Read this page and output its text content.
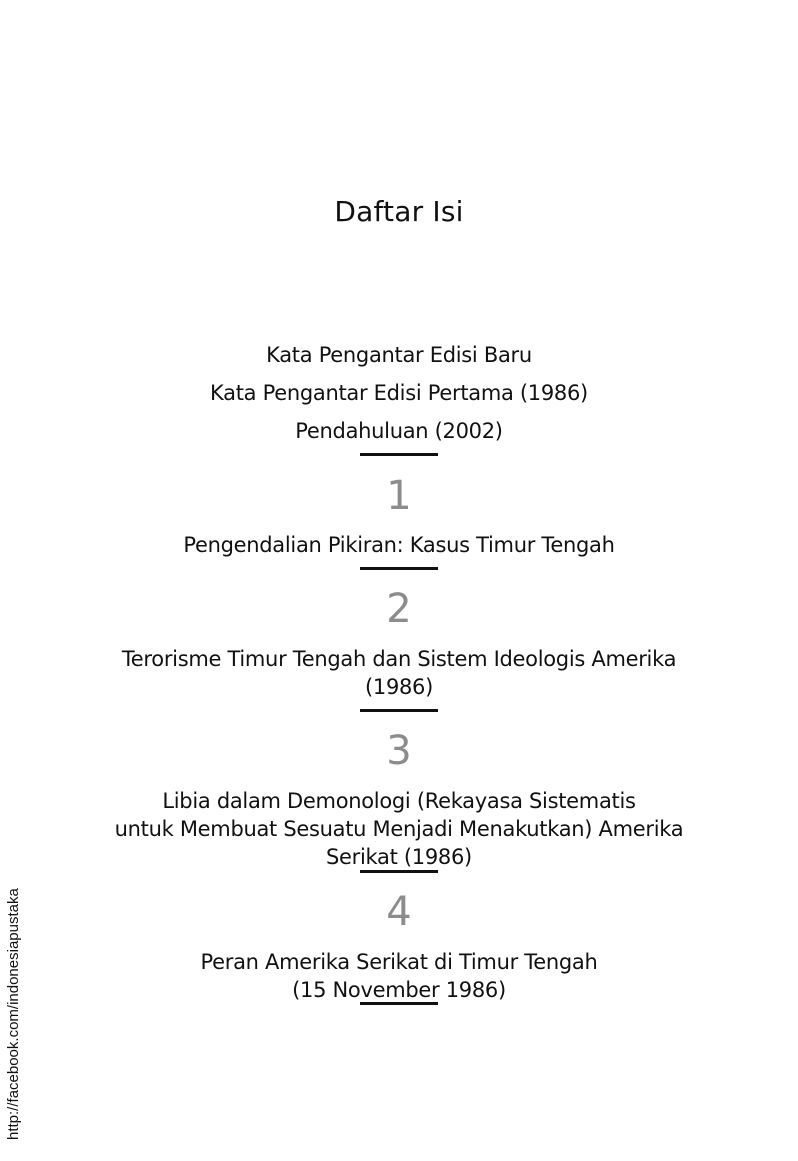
Daftar Isi
Kata Pengantar Edisi Baru
Kata Pengantar Edisi Pertama (1986)
Pendahuluan (2002)
1
Pengendalian Pikiran: Kasus Timur Tengah
2
Terorisme Timur Tengah dan Sistem Ideologis Amerika
(1986)
3
Libia dalam Demonologi (Rekayasa Sistematis
untuk Membuat Sesuatu Menjadi Menakutkan) Amerika
Serikat (1986)
4
Peran Amerika Serikat di Timur Tengah
(15 November 1986)
http://facebook.com/indonesiapustaka
